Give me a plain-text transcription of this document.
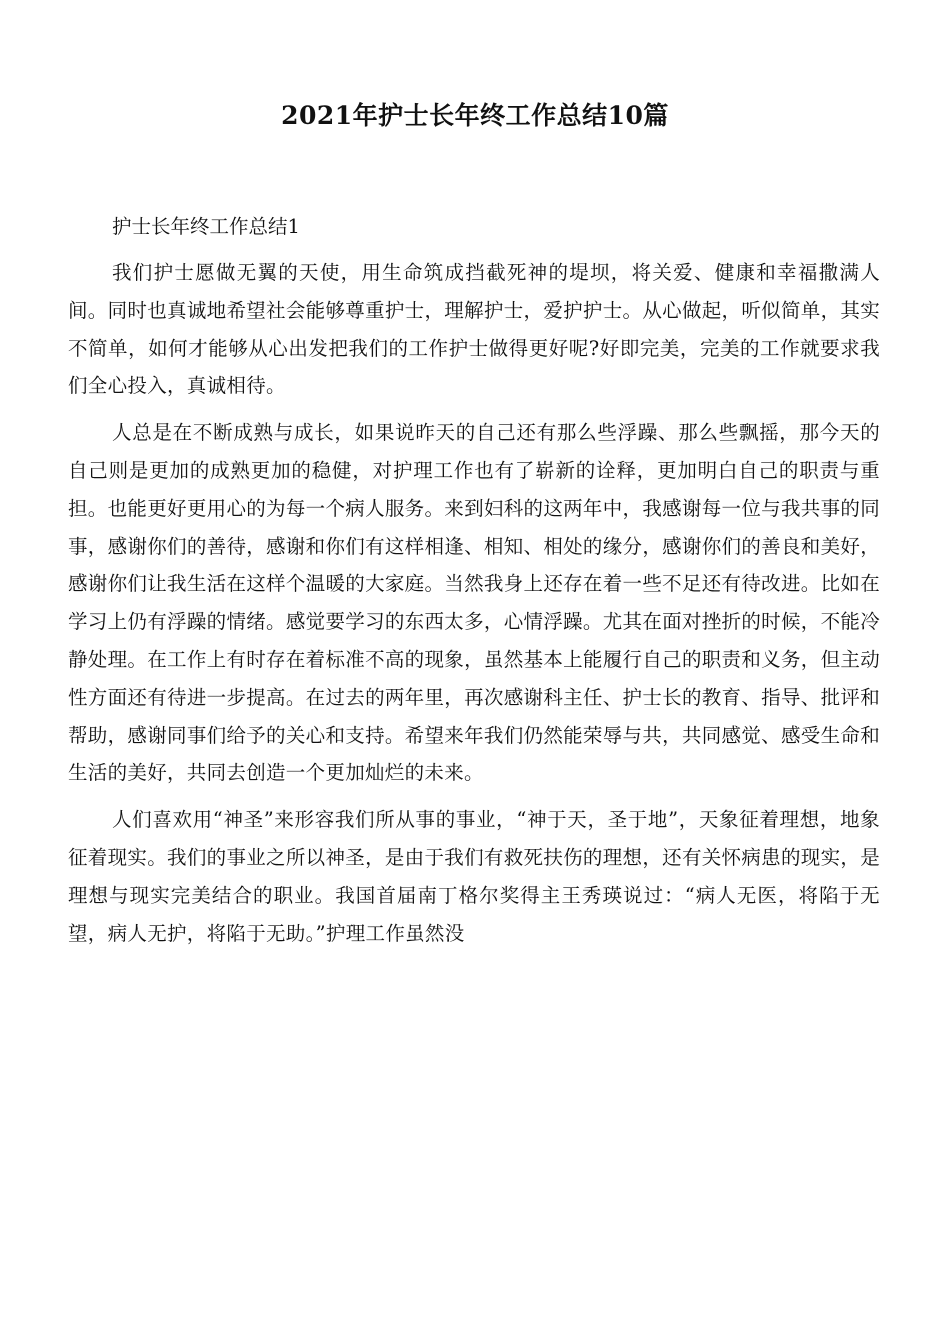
2021年护士长年终工作总结10篇

护士长年终工作总结1

我们护士愿做无翼的天使，用生命筑成挡截死神的堤坝，将关爱、健康和幸福撒满人间。同时也真诚地希望社会能够尊重护士，理解护士，爱护护士。从心做起，听似简单，其实不简单，如何才能够从心出发把我们的工作护士做得更好呢?好即完美，完美的工作就要求我们全心投入，真诚相待。

人总是在不断成熟与成长，如果说昨天的自己还有那么些浮躁、那么些飘摇，那今天的自己则是更加的成熟更加的稳健，对护理工作也有了崭新的诠释，更加明白自己的职责与重担。也能更好更用心的为每一个病人服务。来到妇科的这两年中，我感谢每一位与我共事的同事，感谢你们的善待，感谢和你们有这样相逢、相知、相处的缘分，感谢你们的善良和美好，感谢你们让我生活在这样个温暖的大家庭。当然我身上还存在着一些不足还有待改进。比如在学习上仍有浮躁的情绪。感觉要学习的东西太多，心情浮躁。尤其在面对挫折的时候，不能冷静处理。在工作上有时存在着标准不高的现象，虽然基本上能履行自己的职责和义务，但主动性方面还有待进一步提高。在过去的两年里，再次感谢科主任、护士长的教育、指导、批评和帮助，感谢同事们给予的关心和支持。希望来年我们仍然能荣辱与共，共同感觉、感受生命和生活的美好，共同去创造一个更加灿烂的未来。

人们喜欢用“神圣”来形容我们所从事的事业，“神于天，圣于地”，天象征着理想，地象征着现实。我们的事业之所以神圣，是由于我们有救死扶伤的理想，还有关怀病患的现实，是理想与现实完美结合的职业。我国首届南丁格尔奖得主王秀瑛说过：“病人无医，将陷于无望，病人无护，将陷于无助。”护理工作虽然没
